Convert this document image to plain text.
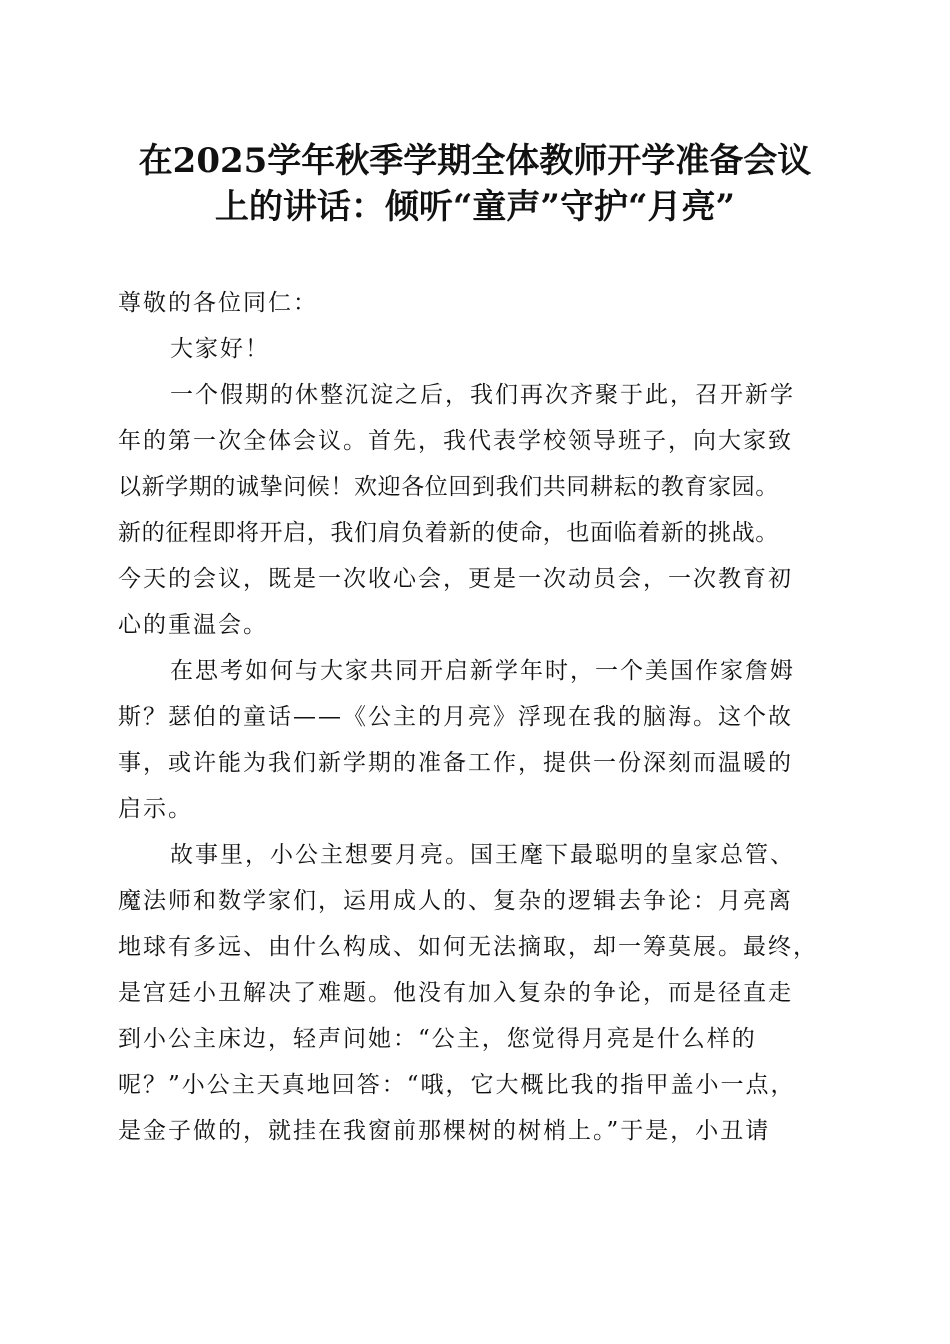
在2025学年秋季学期全体教师开学准备会议
上的讲话：倾听“童声”守护“月亮”
尊敬的各位同仁：
大家好！
一个假期的休整沉淀之后，我们再次齐聚于此，召开新学
年的第一次全体会议。首先，我代表学校领导班子，向大家致
以新学期的诚挚问候！欢迎各位回到我们共同耕耘的教育家园。
新的征程即将开启，我们肩负着新的使命，也面临着新的挑战。
今天的会议，既是一次收心会，更是一次动员会，一次教育初
心的重温会。
在思考如何与大家共同开启新学年时，一个美国作家詹姆
斯？瑟伯的童话——《公主的月亮》浮现在我的脑海。这个故
事，或许能为我们新学期的准备工作，提供一份深刻而温暖的
启示。
故事里，小公主想要月亮。国王麾下最聪明的皇家总管、
魔法师和数学家们，运用成人的、复杂的逻辑去争论：月亮离
地球有多远、由什么构成、如何无法摘取，却一筹莫展。最终，
是宫廷小丑解决了难题。他没有加入复杂的争论，而是径直走
到小公主床边，轻声问她：“公主，您觉得月亮是什么样的
呢？”小公主天真地回答：“哦，它大概比我的指甲盖小一点，
是金子做的，就挂在我窗前那棵树的树梢上。”于是，小丑请
